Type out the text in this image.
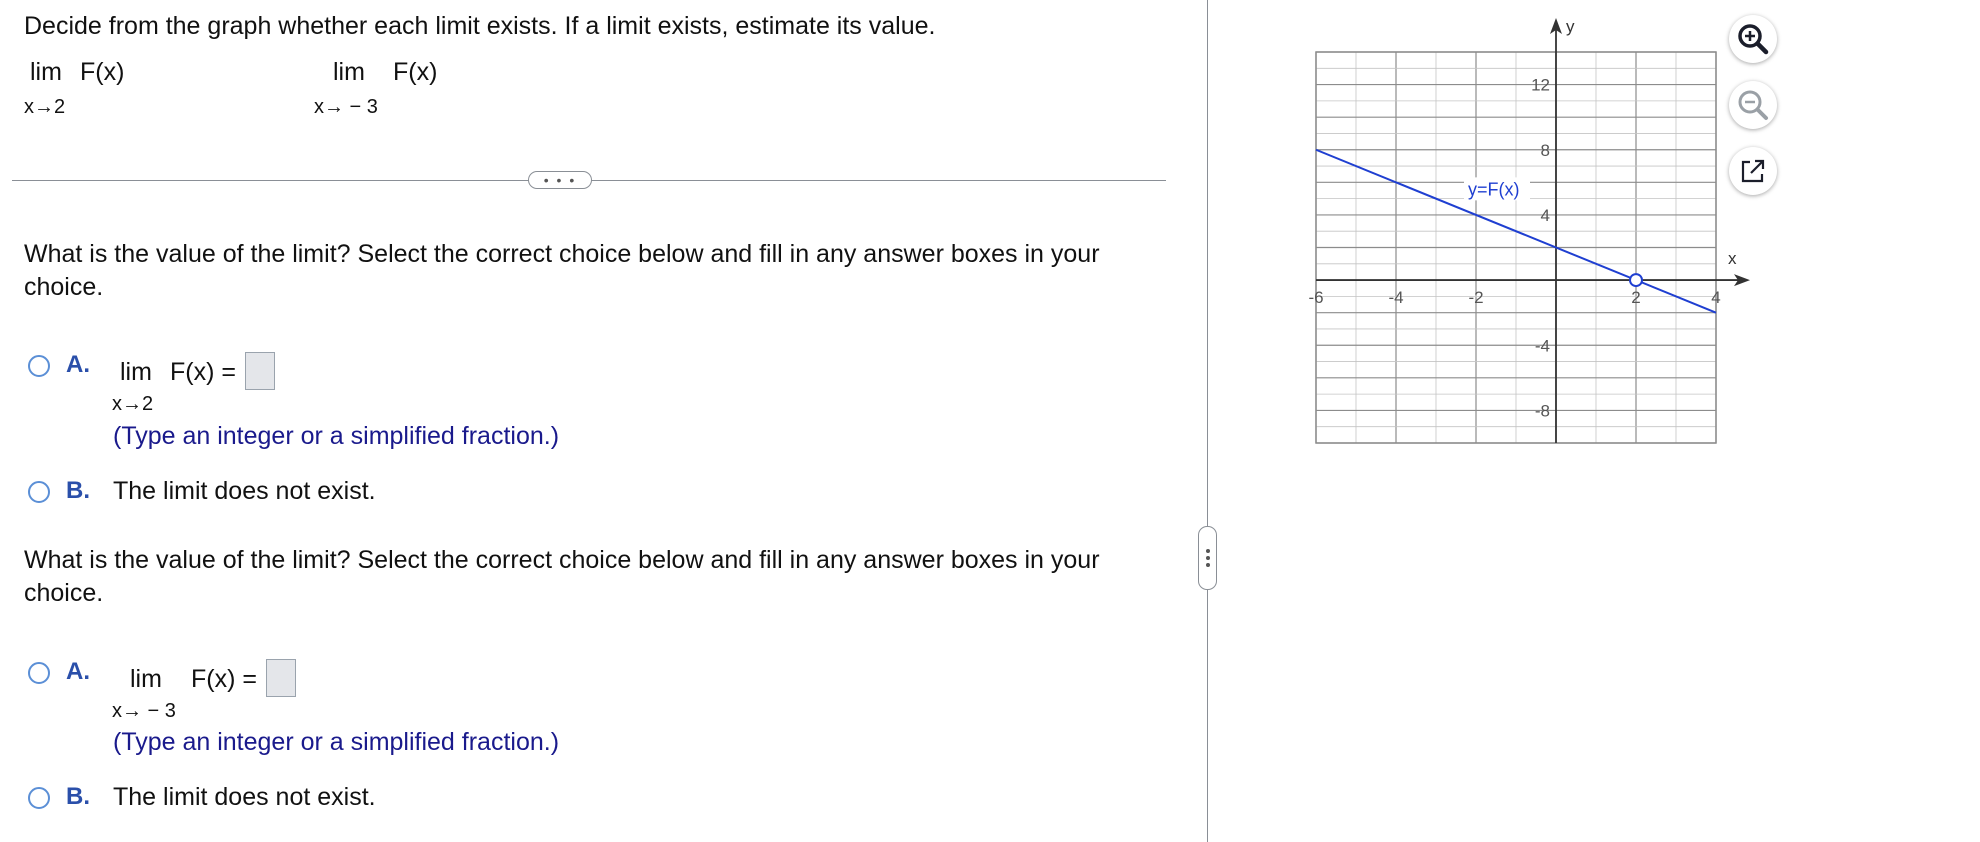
Decide from the graph whether each limit exists. If a limit exists, estimate its value.
lim F(x)
x→2
lim F(x)
x→ − 3
• • •
What is the value of the limit? Select the correct choice below and fill in any answer boxes in your choice.
A. lim F(x) =
x→2
(Type an integer or a simplified fraction.)
B. The limit does not exist.
What is the value of the limit? Select the correct choice below and fill in any answer boxes in your choice.
A. lim F(x) =
x→ − 3
(Type an integer or a simplified fraction.)
B. The limit does not exist.
x
y
-6	-4	-2	2	4
-8
-4
4
8
12
y=F(x)
